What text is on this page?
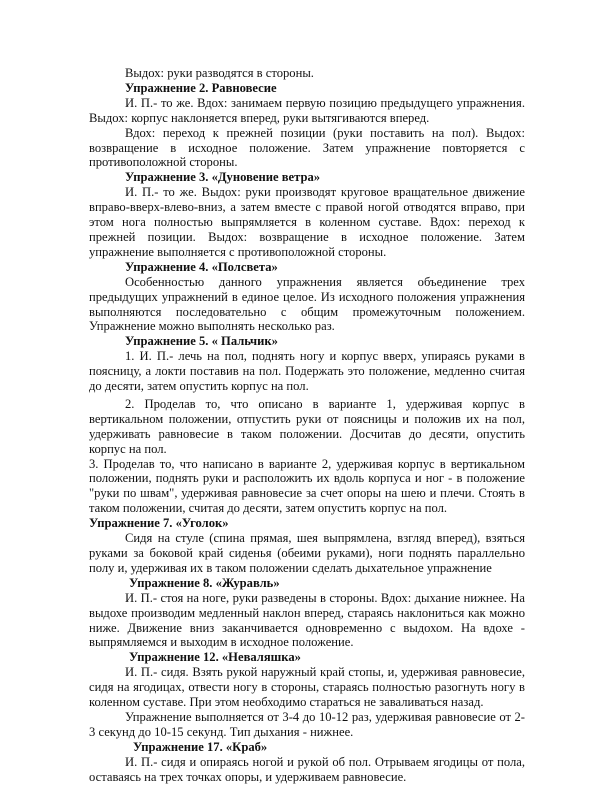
Выдох: руки разводятся в стороны.

Упражнение 2. Равновесие

И. П.- то же. Вдох: занимаем первую позицию предыдущего упражнения. Выдох: корпус наклоняется вперед, руки вытягиваются вперед.

Вдох: переход к прежней позиции (руки поставить на пол). Выдох: возвращение в исходное положение. Затем упражнение повторяется с противоположной стороны.

Упражнение 3. «Дуновение ветра»

И. П.- то же. Выдох: руки производят круговое вращательное движение вправо-вверх-влево-вниз, а затем вместе с правой ногой отводятся вправо, при этом нога полностью выпрямляется в коленном суставе. Вдох: переход к прежней позиции. Выдох: возвращение в исходное положение. Затем упражнение выполняется с противоположной стороны.

Упражнение 4. «Полсвета»

Особенностью данного упражнения является объединение трех предыдущих упражнений в единое целое. Из исходного положения упражнения выполняются последовательно с общим промежуточным положением. Упражнение можно выполнять несколько раз.

Упражнение 5. « Пальчик»

1. И. П.- лечь на пол, поднять ногу и корпус вверх, упираясь руками в поясницу, а локти поставив на пол. Подержать это положение, медленно считая до десяти, затем опустить корпус на пол.

2. Проделав то, что описано в варианте 1, удерживая корпус в вертикальном положении, отпустить руки от поясницы и положив их на пол, удерживать равновесие в таком положении. Досчитав до десяти, опустить корпус на пол.

3. Проделав то, что написано в варианте 2, удерживая корпус в вертикальном положении, поднять руки и расположить их вдоль корпуса и ног - в положение "руки по швам", удерживая равновесие за счет опоры на шею и плечи. Стоять в таком положении, считая до десяти, затем опустить корпус на пол.

Упражнение 7. «Уголок»

Сидя на стуле (спина прямая, шея выпрямлена, взгляд вперед), взяться руками за боковой край сиденья (обеими руками), ноги поднять параллельно полу и, удерживая их в таком положении сделать дыхательное упражнение

Упражнение 8. «Журавль»

И. П.- стоя на ноге, руки разведены в стороны. Вдох: дыхание нижнее. На выдохе производим медленный наклон вперед, стараясь наклониться как можно ниже. Движение вниз заканчивается одновременно с выдохом. На вдохе - выпрямляемся и выходим в исходное положение.

Упражнение 12. «Неваляшка»

И. П.- сидя. Взять рукой наружный край стопы, и, удерживая равновесие, сидя на ягодицах, отвести ногу в стороны, стараясь полностью разогнуть ногу в коленном суставе. При этом необходимо стараться не заваливаться назад.

Упражнение выполняется от 3-4 до 10-12 раз, удерживая равновесие от 2-3 секунд до 10-15 секунд. Тип дыхания - нижнее.

Упражнение 17. «Краб»

И. П.- сидя и опираясь ногой и рукой об пол. Отрываем ягодицы от пола, оставаясь на трех точках опоры, и удерживаем равновесие.
